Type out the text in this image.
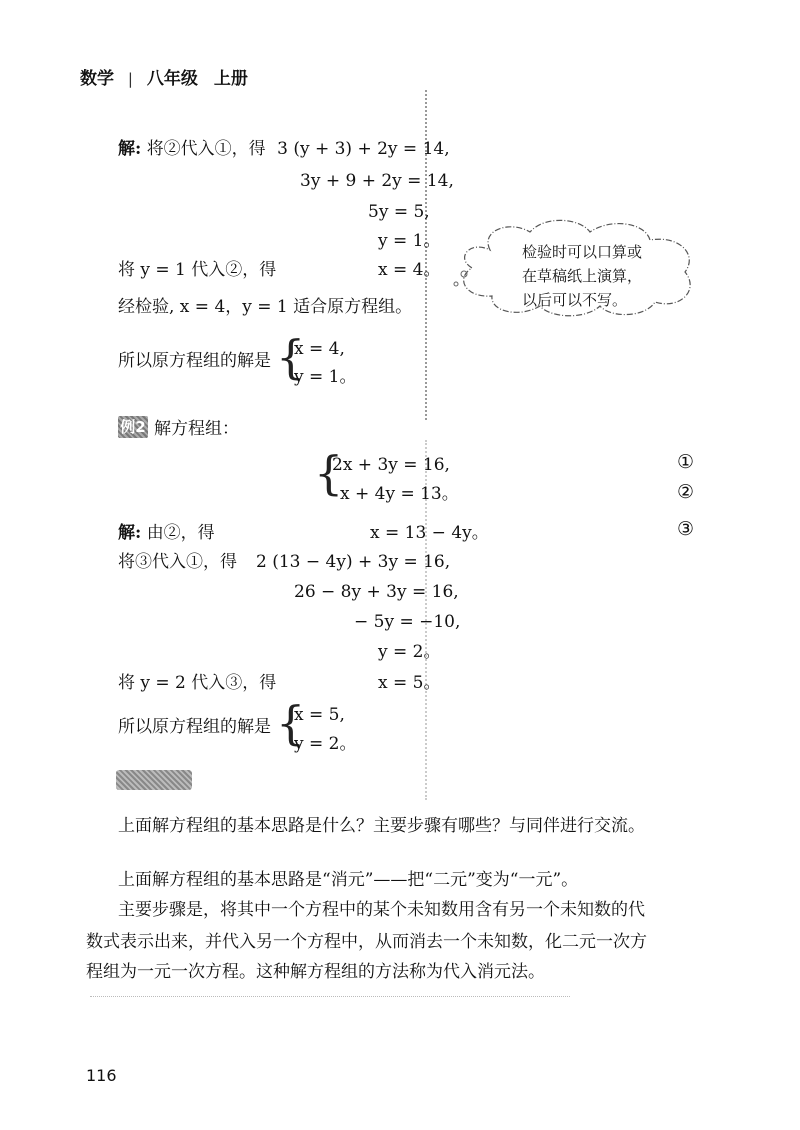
数学 | 八年级 上册
解: 将②代入①，得 3 (y + 3) + 2y = 14,
3y + 9 + 2y = 14,
5y = 5,
y = 1。
将 y = 1 代入②，得	x = 4。
经检验, x = 4，y = 1 适合原方程组。
所以原方程组的解是 {
x = 4,
y = 1。
检验时可以口算或
在草稿纸上演算，
以后可以不写。
例2 解方程组：
{
2x + 3y = 16,
x + 4y = 13。
①
②
解: 由②，得	x = 13 − 4y。	③
将③代入①，得 2 (13 − 4y) + 3y = 16,
26 − 8y + 3y = 16,
− 5y = −10,
y = 2。
将 y = 2 代入③，得	x = 5。
所以原方程组的解是 {
x = 5,
y = 2。
上面解方程组的基本思路是什么？主要步骤有哪些？与同伴进行交流。
上面解方程组的基本思路是“消元”——把“二元”变为“一元”。
主要步骤是，将其中一个方程中的某个未知数用含有另一个未知数的代
数式表示出来，并代入另一个方程中，从而消去一个未知数，化二元一次方
程组为一元一次方程。这种解方程组的方法称为代入消元法。
116
